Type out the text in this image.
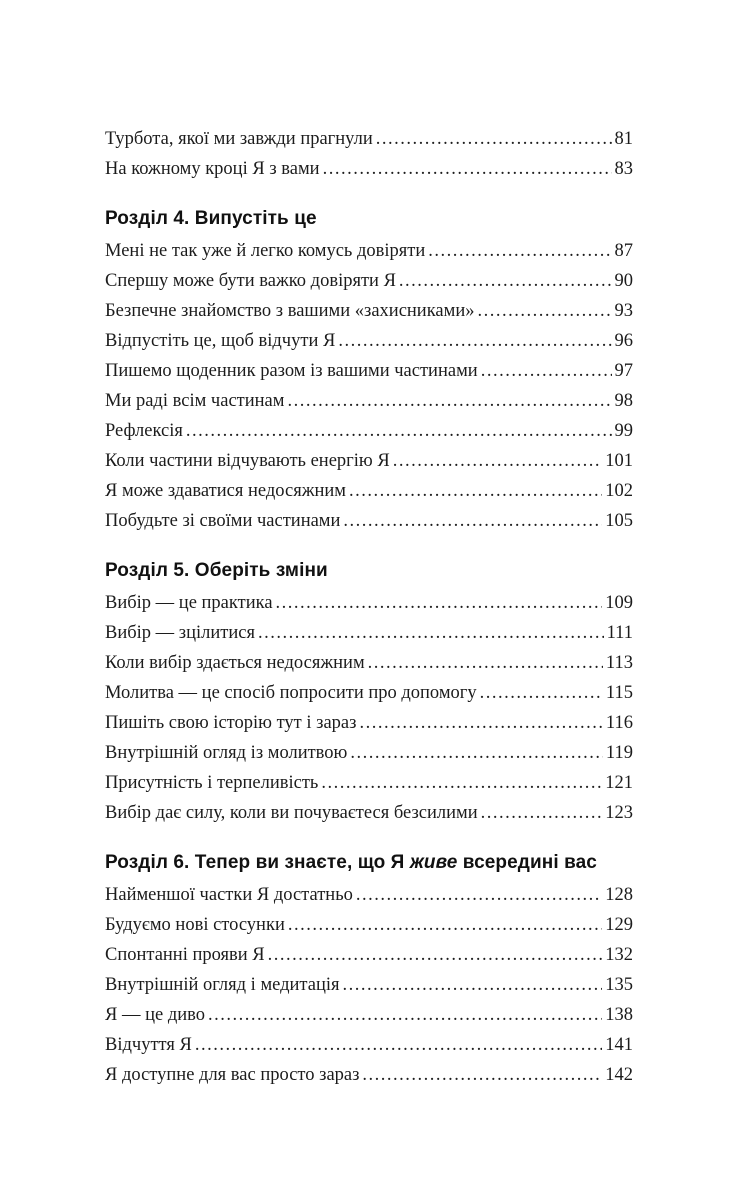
Турбота, якої ми завжди прагнули .....	81
На кожному кроці Я з вами .....	83
Розділ 4. Випустіть це
Мені не так уже й легко комусь довіряти .....	87
Спершу може бути важко довіряти Я .....	90
Безпечне знайомство з вашими «захисниками» .....	93
Відпустіть це, щоб відчути Я .....	96
Пишемо щоденник разом із вашими частинами .....	97
Ми раді всім частинам .....	98
Рефлексія .....	99
Коли частини відчувають енергію Я .....	101
Я може здаватися недосяжним .....	102
Побудьте зі своїми частинами .....	105
Розділ 5. Оберіть зміни
Вибір — це практика .....	109
Вибір — зцілитися .....	111
Коли вибір здається недосяжним .....	113
Молитва — це спосіб попросити про допомогу .....	115
Пишіть свою історію тут і зараз .....	116
Внутрішній огляд із молитвою .....	119
Присутність і терпеливість .....	121
Вибір дає силу, коли ви почуваєтеся безсилими .....	123
Розділ 6. Тепер ви знаєте, що Я живе всередині вас
Найменшої частки Я достатньо .....	128
Будуємо нові стосунки .....	129
Спонтанні прояви Я .....	132
Внутрішній огляд і медитація .....	135
Я — це диво .....	138
Відчуття Я .....	141
Я доступне для вас просто зараз .....	142
